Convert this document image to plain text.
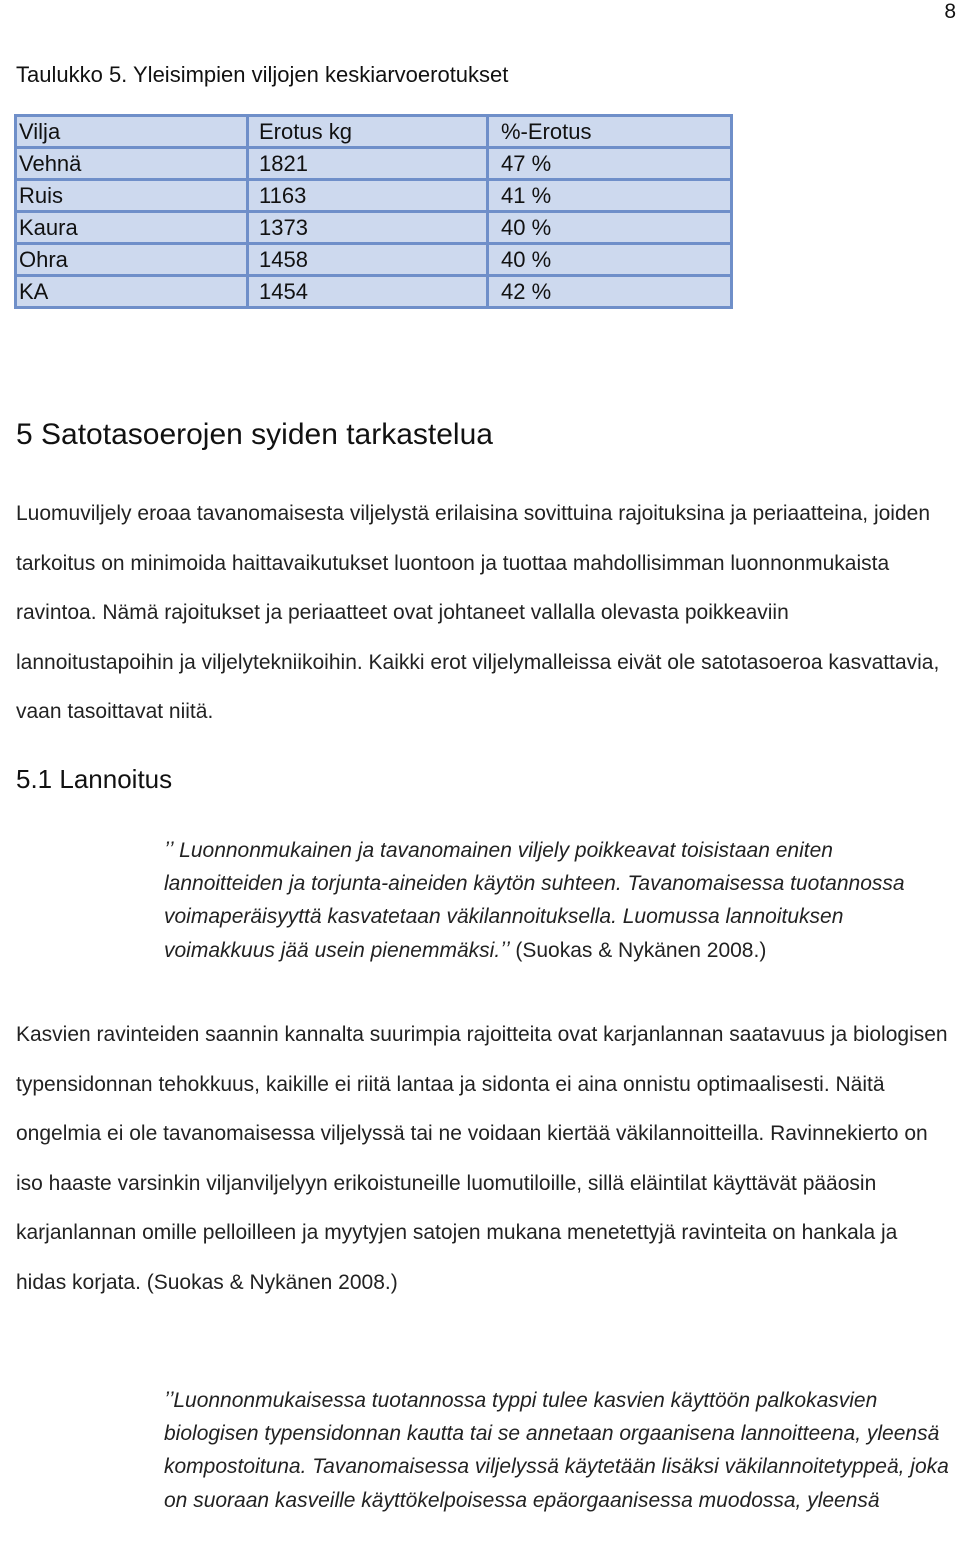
8
Taulukko 5. Yleisimpien viljojen keskiarvoerotukset
Vilja	Erotus kg	%-Erotus
Vehnä	1821	47 %
Ruis	1163	41 %
Kaura	1373	40 %
Ohra	1458	40 %
KA	1454	42 %
5 Satotasoerojen syiden tarkastelua

Luomuviljely eroaa tavanomaisesta viljelystä erilaisina sovittuina rajoituksina ja periaatteina, joiden tarkoitus on minimoida haittavaikutukset luontoon ja tuottaa mahdollisimman luonnonmukaista ravintoa. Nämä rajoitukset ja periaatteet ovat johtaneet vallalla olevasta poikkeaviin lannoitustapoihin ja viljelytekniikoihin. Kaikki erot viljelymalleissa eivät ole satotasoeroa kasvattavia, vaan tasoittavat niitä.

5.1 Lannoitus

ʼʼ Luonnonmukainen ja tavanomainen viljely poikkeavat toisistaan eniten lannoitteiden ja torjunta-aineiden käytön suhteen. Tavanomaisessa tuotannossa voimaperäisyyttä kasvatetaan väkilannoituksella. Luomussa lannoituksen voimakkuus jää usein pienemmäksi.ʼʼ (Suokas & Nykänen 2008.)

Kasvien ravinteiden saannin kannalta suurimpia rajoitteita ovat karjanlannan saatavuus ja biologisen typensidonnan tehokkuus, kaikille ei riitä lantaa ja sidonta ei aina onnistu optimaalisesti. Näitä ongelmia ei ole tavanomaisessa viljelyssä tai ne voidaan kiertää väkilannoitteilla. Ravinnekierto on iso haaste varsinkin viljanviljelyyn erikoistuneille luomutiloille, sillä eläintilat käyttävät pääosin karjanlannan omille pelloilleen ja myytyjen satojen mukana menetettyjä ravinteita on hankala ja hidas korjata. (Suokas & Nykänen 2008.)

ʼʼLuonnonmukaisessa tuotannossa typpi tulee kasvien käyttöön palkokasvien biologisen typensidonnan kautta tai se annetaan orgaanisena lannoitteena, yleensä kompostoituna. Tavanomaisessa viljelyssä käytetään lisäksi väkilannoitetyppeä, joka on suoraan kasveille käyttökelpoisessa epäorgaanisessa muodossa, yleensä
